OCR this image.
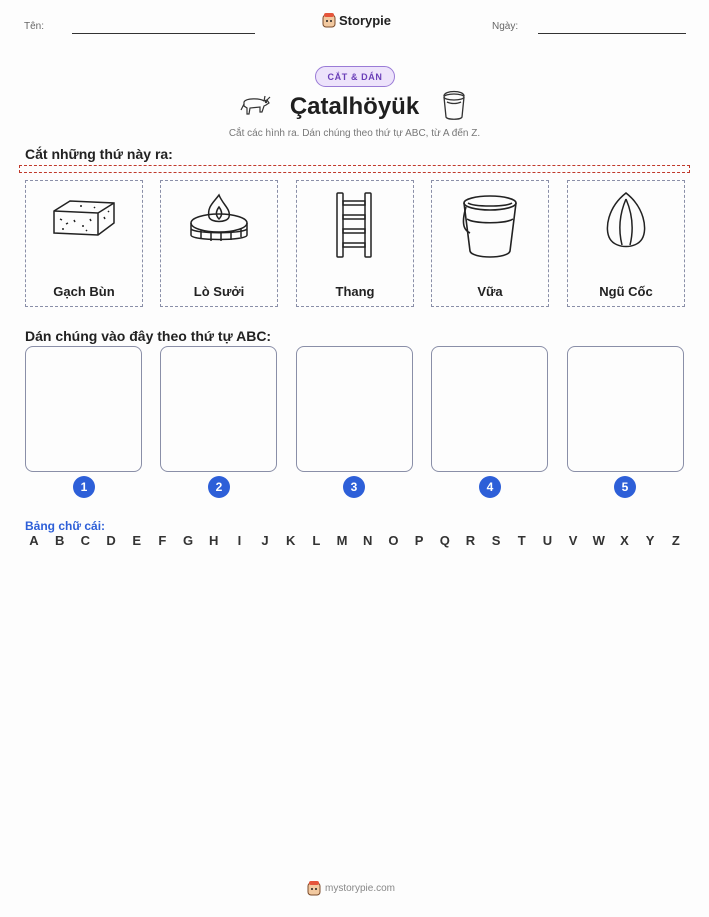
Tên:	Storypie	Ngày:
CẮT & DÁN
Çatalhöyük
Cắt các hình ra. Dán chúng theo thứ tự ABC, từ A đến Z.
Cắt những thứ này ra:
Gạch Bùn	Lò Sưởi	Thang	Vữa	Ngũ Cốc
Dán chúng vào đây theo thứ tự ABC:
1	2	3	4	5
Bảng chữ cái:
A	B	C	D	E	F	G	H	I	J	K	L	M	N	O	P	Q	R	S	T	U	V	W	X	Y	Z
mystorypie.com
